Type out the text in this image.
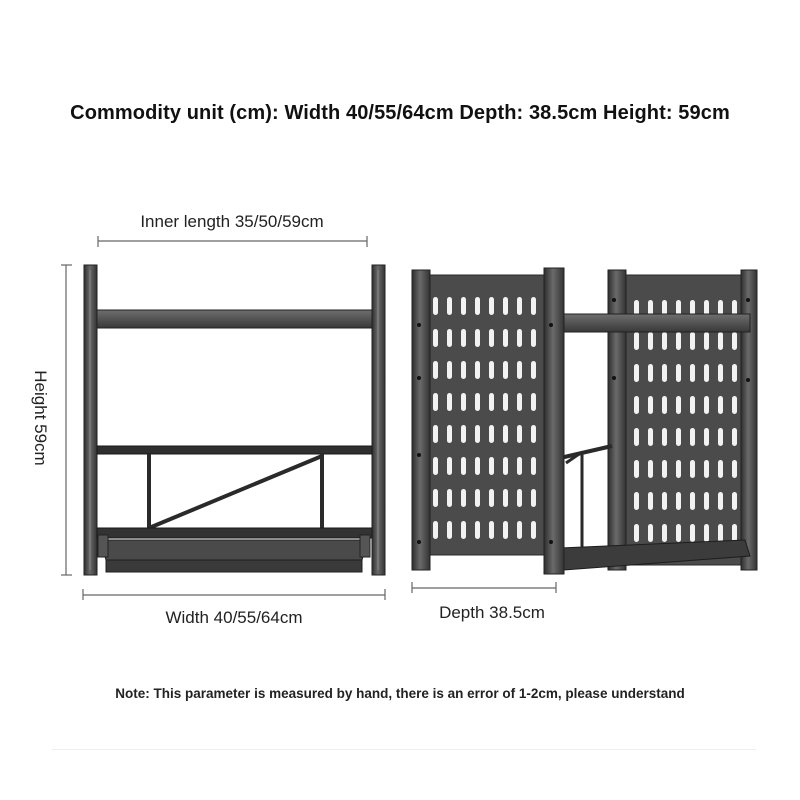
Commodity unit (cm): Width 40/55/64cm Depth: 38.5cm Height: 59cm
Inner length 35/50/59cm
Height 59cm
Width 40/55/64cm	Depth 38.5cm
Note: This parameter is measured by hand, there is an error of 1-2cm, please understand
